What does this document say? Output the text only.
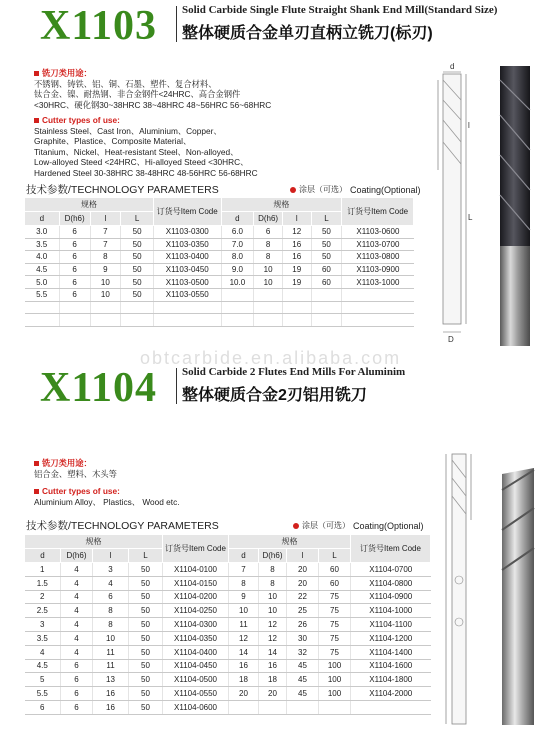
X1103 Solid Carbide Single Flute Straight Shank End Mill(Standard Size)
整体硬质合金单刃直柄立铣刀(标刃)
铣刀类用途：
不锈钢、铸铁、铝、铜、石墨、塑件、复合材料、
钛合金、镍、耐热钢、非合金钢件<24HRC、高合金钢件
<30HRC、硬化钢30~38HRC 38~48HRC 48~56HRC 56~68HRC
Cutter types of use:
Stainless Steel、Cast Iron、Aluminium、Copper、
Graphite、Plastice、Composite Material、
Titanium、Nickel、Heat-resistant Steel、Non-alloyed、
Low-alloyed Steed <24HRC、Hi-alloyed Steed <30HRC、
Hardened Steel 30-38HRC 38-48HRC 48-56HRC 56-68HRC
技术参数/TECHNOLOGY PARAMETERS	涂层（可选） Coating(Optional)
规格				订货号Item Code	规格				订货号Item Code
d	D(h6)	l	L		d	D(h6)	l	L	
3.0	6	7	50	X1103-0300	6.0	6	12	50	X1103-0600
3.5	6	7	50	X1103-0350	7.0	8	16	50	X1103-0700
4.0	6	8	50	X1103-0400	8.0	8	16	50	X1103-0800
4.5	6	9	50	X1103-0450	9.0	10	19	60	X1103-0900
5.0	6	10	50	X1103-0500	10.0	10	19	60	X1103-1000
5.5	6	10	50	X1103-0550					

d
l
L
D
obtcarbide.en.alibaba.com
X1104 Solid Carbide 2 Flutes End Mills For Aluminim
整体硬质合金2刃铝用铣刀
铣刀类用途：
铝合金、塑料、木头等
Cutter types of use:
Aluminium Alloy、 Plastics、 Wood etc.
技术参数/TECHNOLOGY PARAMETERS	涂层（可选） Coating(Optional)
规格				订货号Item Code	规格				订货号Item Code
d	D(h6)	l	L		d	D(h6)	l	L	
1	4	3	50	X1104-0100	7	8	20	60	X1104-0700
1.5	4	4	50	X1104-0150	8	8	20	60	X1104-0800
2	4	6	50	X1104-0200	9	10	22	75	X1104-0900
2.5	4	8	50	X1104-0250	10	10	25	75	X1104-1000
3	4	8	50	X1104-0300	11	12	26	75	X1104-1100
3.5	4	10	50	X1104-0350	12	12	30	75	X1104-1200
4	4	11	50	X1104-0400	14	14	32	75	X1104-1400
4.5	6	11	50	X1104-0450	16	16	45	100	X1104-1600
5	6	13	50	X1104-0500	18	18	45	100	X1104-1800
5.5	6	16	50	X1104-0550	20	20	45	100	X1104-2000
6	6	16	50	X1104-0600					
